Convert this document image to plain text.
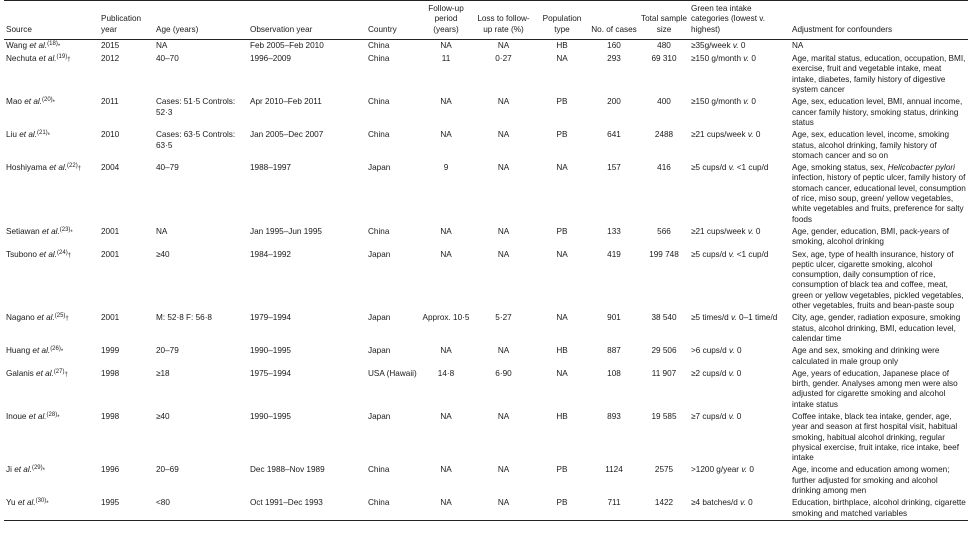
Source	Publication year	Age (years)	Observation year	Country	Follow-up period (years)	Loss to follow-up rate (%)	Population type	No. of cases	Total sample size	Green tea intake categories (lowest v. highest)	Adjustment for confounders
Wang et al.$^{(18)}$*	2015	NA	Feb 2005–Feb 2010	China	NA	NA	HB	160	480	≥35g/week v. 0	NA
Nechuta et al.$^{(19)}$†	2012	40–70	1996–2009	China	11	0·27	NA	293	69 310	≥150 g/month v. 0	Age, marital status, education, occupation, BMI, exercise, fruit and vegetable intake, meat intake, diabetes, family history of digestive system cancer
Mao et al.$^{(20)}$*	2011	Cases: 51·5 Controls: 52·3	Apr 2010–Feb 2011	China	NA	NA	PB	200	400	≥150 g/month v. 0	Age, sex, education level, BMI, annual income, cancer family history, smoking status, drinking status
Liu et al.$^{(21)}$*	2010	Cases: 63·5 Controls: 63·5	Jan 2005–Dec 2007	China	NA	NA	PB	641	2488	≥21 cups/week v. 0	Age, sex, education level, income, smoking status, alcohol drinking, family history of stomach cancer and so on
Hoshiyama et al.$^{(22)}$†	2004	40–79	1988–1997	Japan	9	NA	NA	157	416	≥5 cups/d v. <1 cup/d	Age, smoking status, sex, Helicobacter pylori infection, history of peptic ulcer, family history of stomach cancer, educational level, consumption of rice, miso soup, green/ yellow vegetables, white vegetables and fruits, preference for salty foods
Setiawan et al.$^{(23)}$*	2001	NA	Jan 1995–Jun 1995	China	NA	NA	PB	133	566	≥21 cups/week v. 0	Age, gender, education, BMI, pack-years of smoking, alcohol drinking
Tsubono et al.$^{(24)}$†	2001	≥40	1984–1992	Japan	NA	NA	NA	419	199 748	≥5 cups/d v. <1 cup/d	Sex, age, type of health insurance, history of peptic ulcer, cigarette smoking, alcohol consumption, daily consumption of rice, consumption of black tea and coffee, meat, green or yellow vegetables, pickled vegetables, other vegetables, fruits and bean-paste soup
Nagano et al.$^{(25)}$†	2001	M: 52·8 F: 56·8	1979–1994	Japan	Approx. 10·5	5·27	NA	901	38 540	≥5 times/d v. 0–1 time/d	City, age, gender, radiation exposure, smoking status, alcohol drinking, BMI, education level, calendar time
Huang et al.$^{(26)}$*	1999	20–79	1990–1995	Japan	NA	NA	HB	887	29 506	>6 cups/d v. 0	Age and sex, smoking and drinking were calculated in male group only
Galanis et al.$^{(27)}$†	1998	≥18	1975–1994	USA (Hawaii)	14·8	6·90	NA	108	11 907	≥2 cups/d v. 0	Age, years of education, Japanese place of birth, gender. Analyses among men were also adjusted for cigarette smoking and alcohol intake status
Inoue et al.$^{(28)}$*	1998	≥40	1990–1995	Japan	NA	NA	HB	893	19 585	≥7 cups/d v. 0	Coffee intake, black tea intake, gender, age, year and season at first hospital visit, habitual smoking, habitual alcohol drinking, regular physical exercise, fruit intake, rice intake, beef intake
Ji et al.$^{(29)}$*	1996	20–69	Dec 1988–Nov 1989	China	NA	NA	PB	1124	2575	>1200 g/year v. 0	Age, income and education among women; further adjusted for smoking and alcohol drinking among men
Yu et al.$^{(30)}$*	1995	<80	Oct 1991–Dec 1993	China	NA	NA	PB	711	1422	≥4 batches/d v. 0	Education, birthplace, alcohol drinking, cigarette smoking and matched variables
